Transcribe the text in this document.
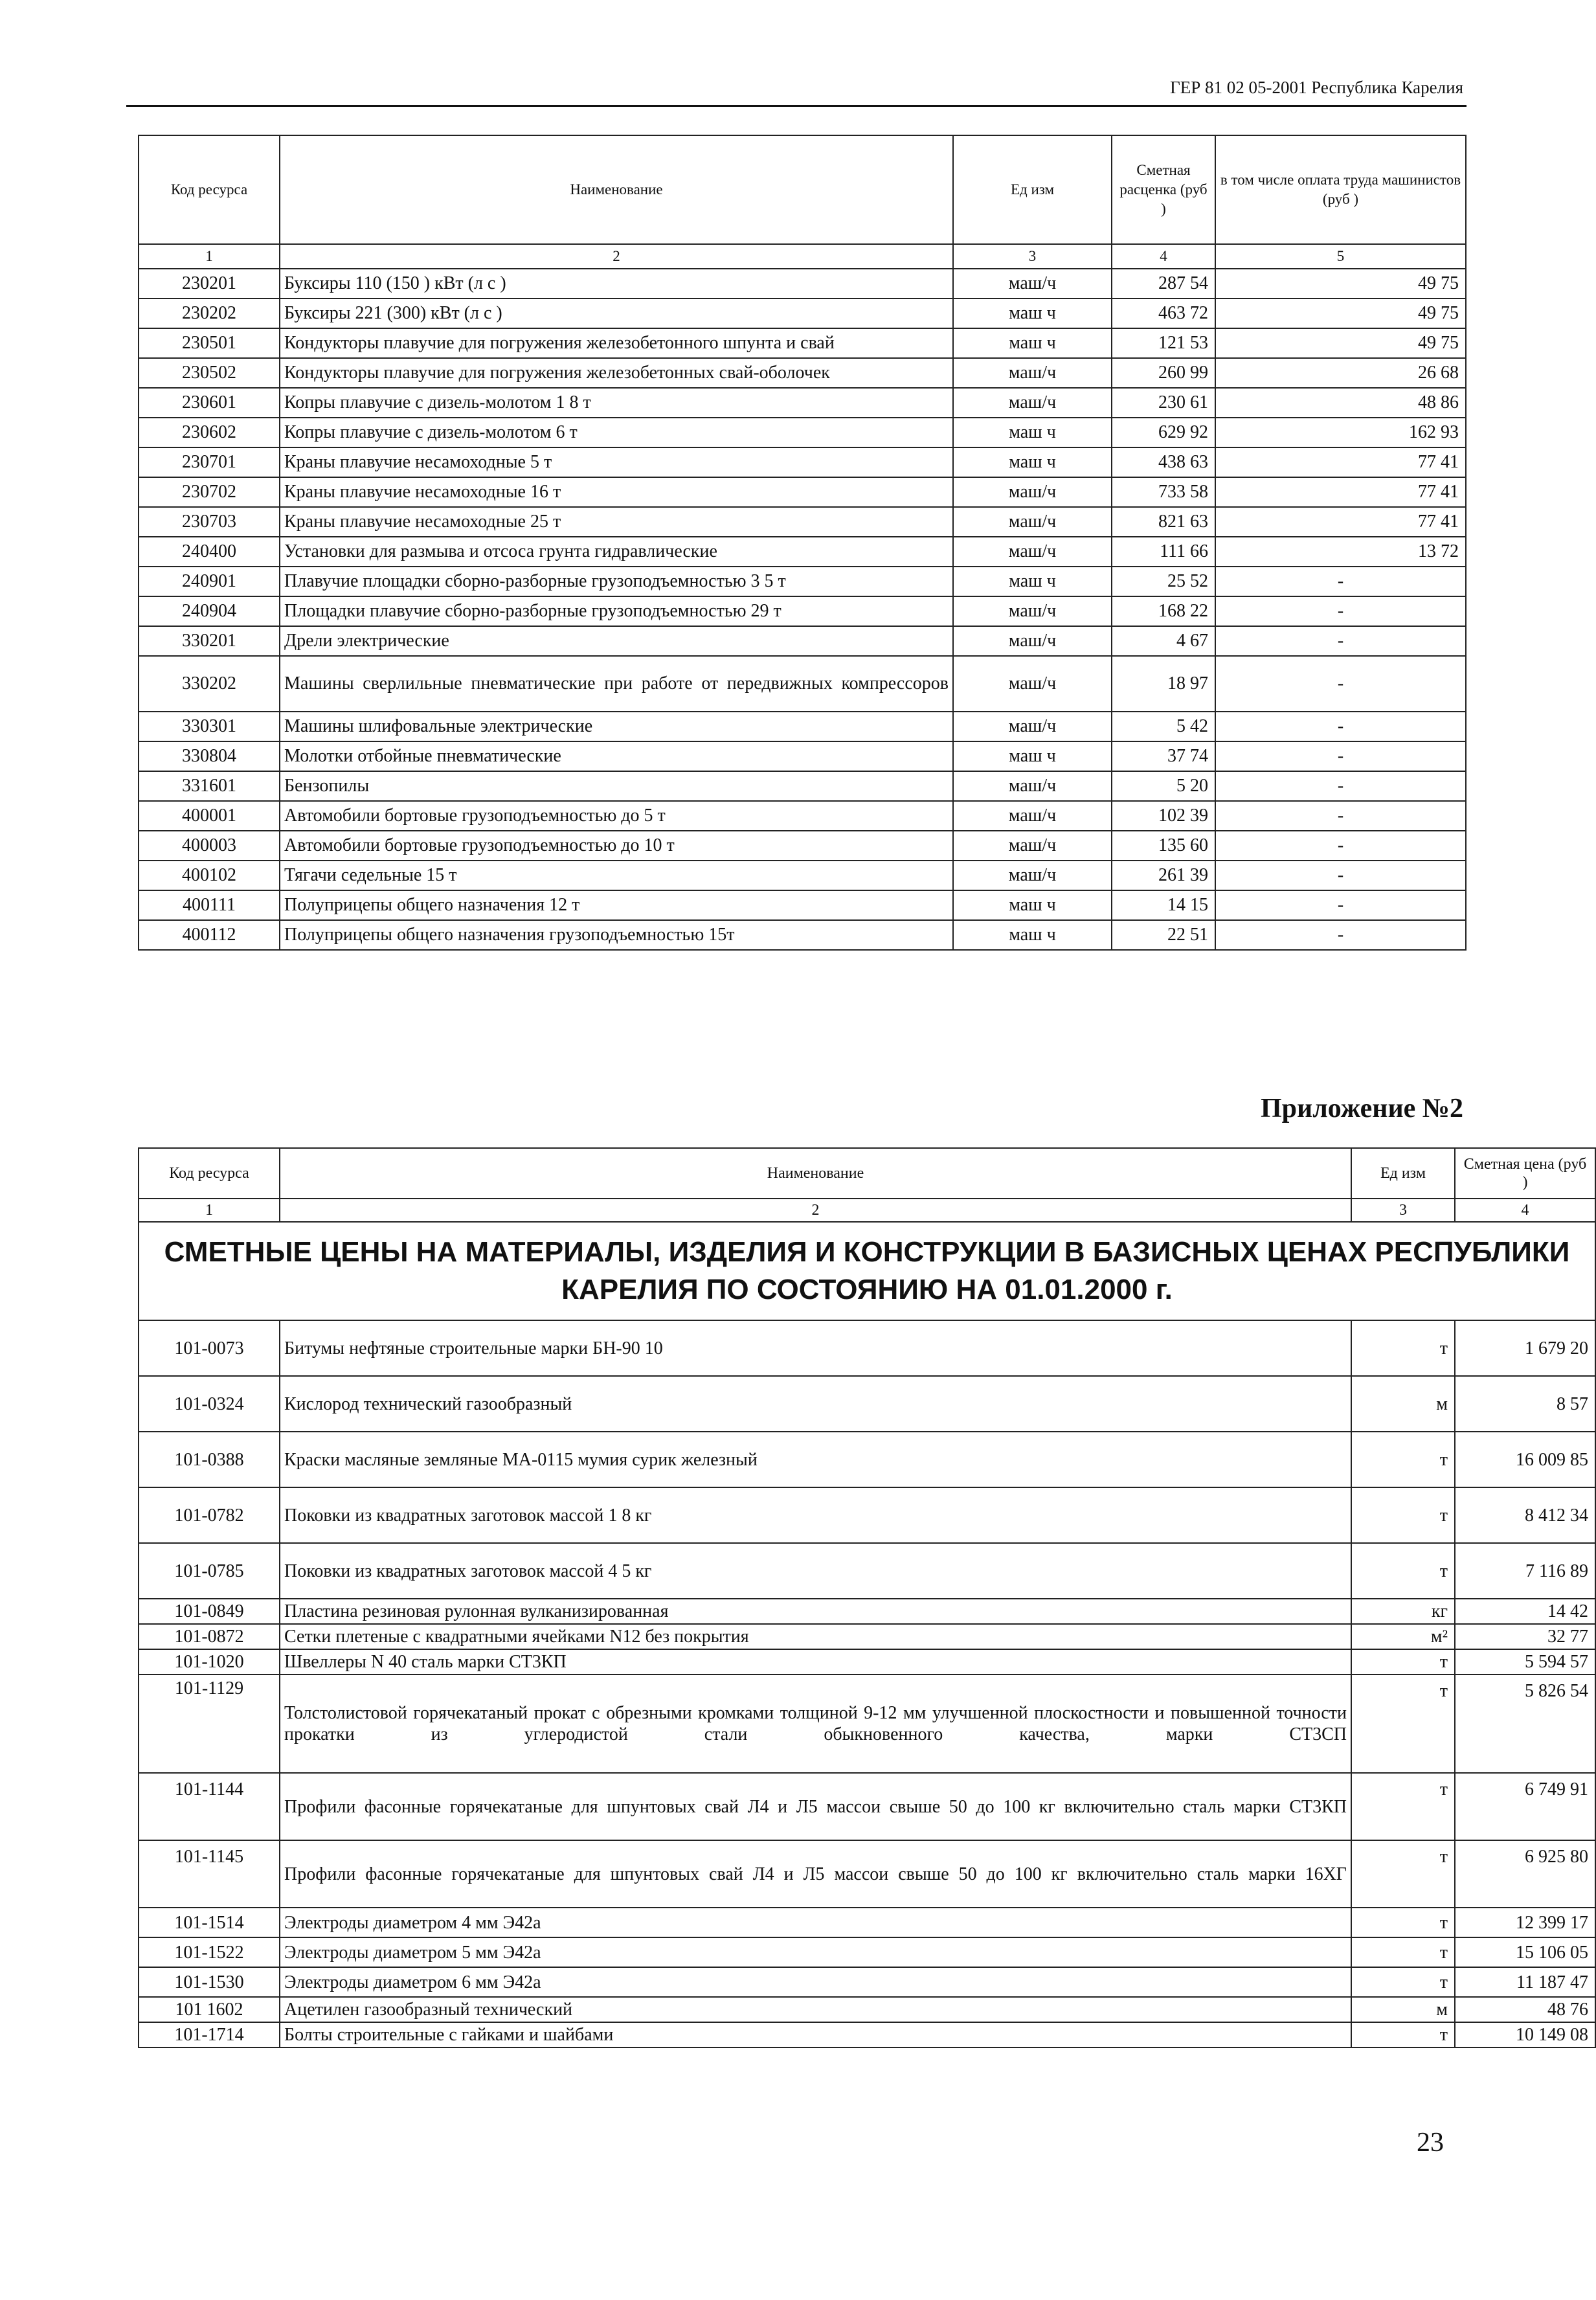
ГЕР 81 02 05-2001 Республика Карелия
Код ресурса	Наименование	Ед изм	Сметная расценка (руб )	в том числе оплата труда машинистов (руб )
1	2	3	4	5
230201	Буксиры 110 (150 ) кВт (л с )	маш/ч	287 54	49 75
230202	Буксиры 221 (300) кВт (л с )	маш ч	463 72	49 75
230501	Кондукторы плавучие для погружения железобетонного шпунта и свай	маш ч	121 53	49 75
230502	Кондукторы плавучие для погружения железобетонных свай-оболочек	маш/ч	260 99	26 68
230601	Копры плавучие с дизель-молотом 1 8 т	маш/ч	230 61	48 86
230602	Копры плавучие с дизель-молотом 6 т	маш ч	629 92	162 93
230701	Краны плавучие несамоходные 5 т	маш ч	438 63	77 41
230702	Краны плавучие несамоходные 16 т	маш/ч	733 58	77 41
230703	Краны плавучие несамоходные 25 т	маш/ч	821 63	77 41
240400	Установки для размыва и отсоса грунта гидравлические	маш/ч	111 66	13 72
240901	Плавучие площадки сборно-разборные грузоподъемностью 3 5 т	маш ч	25 52	-
240904	Площадки плавучие сборно-разборные грузоподъемностью 29 т	маш/ч	168 22	-
330201	Дрели электрические	маш/ч	4 67	-
330202	Машины сверлильные пневматические при работе от передвижных компрессоров	маш/ч	18 97	-
330301	Машины шлифовальные электрические	маш/ч	5 42	-
330804	Молотки отбойные пневматические	маш ч	37 74	-
331601	Бензопилы	маш/ч	5 20	-
400001	Автомобили бортовые грузоподъемностью до 5 т	маш/ч	102 39	-
400003	Автомобили бортовые грузоподъемностью до 10 т	маш/ч	135 60	-
400102	Тягачи седельные 15 т	маш/ч	261 39	-
400111	Полуприцепы общего назначения 12 т	маш ч	14 15	-
400112	Полуприцепы общего назначения грузоподъемностью 15т	маш ч	22 51	-
Приложение №2
Код ресурса	Наименование	Ед изм	Сметная цена (руб )
1	2	3	4
СМЕТНЫЕ ЦЕНЫ НА МАТЕРИАЛЫ, ИЗДЕЛИЯ И КОНСТРУКЦИИ В БАЗИСНЫХ ЦЕНАХ РЕСПУБЛИКИ КАРЕЛИЯ ПО СОСТОЯНИЮ НА 01.01.2000 г.			
101-0073	Битумы нефтяные строительные марки БН-90 10	т	1 679 20
101-0324	Кислород технический газообразный	м	8 57
101-0388	Краски масляные земляные МА-0115 мумия сурик железный	т	16 009 85
101-0782	Поковки из квадратных заготовок массой 1 8 кг	т	8 412 34
101-0785	Поковки из квадратных заготовок массой 4 5 кг	т	7 116 89
101-0849	Пластина резиновая рулонная вулканизированная	кг	14 42
101-0872	Сетки плетеные с квадратными ячейками N12 без покрытия	м²	32 77
101-1020	Швеллеры N 40 сталь марки СТ3КП	т	5 594 57
101-1129	Толстолистовой горячекатаный прокат с обрезными кромками толщиной 9-12 мм улучшенной плоскостности и повышенной точности прокатки из углеродистой стали обыкновенного качества, марки СТ3СП	т	5 826 54
101-1144	Профили фасонные горячекатаные для шпунтовых свай Л4 и Л5 массои свыше 50 до 100 кг включительно сталь марки СТ3КП	т	6 749 91
101-1145	Профили фасонные горячекатаные для шпунтовых свай Л4 и Л5 массои свыше 50 до 100 кг включительно сталь марки 16ХГ	т	6 925 80
101-1514	Электроды диаметром 4 мм Э42а	т	12 399 17
101-1522	Электроды диаметром 5 мм Э42а	т	15 106 05
101-1530	Электроды диаметром 6 мм Э42а	т	11 187 47
101 1602	Ацетилен газообразный технический	м	48 76
101-1714	Болты строительные с гайками и шайбами	т	10 149 08
23
